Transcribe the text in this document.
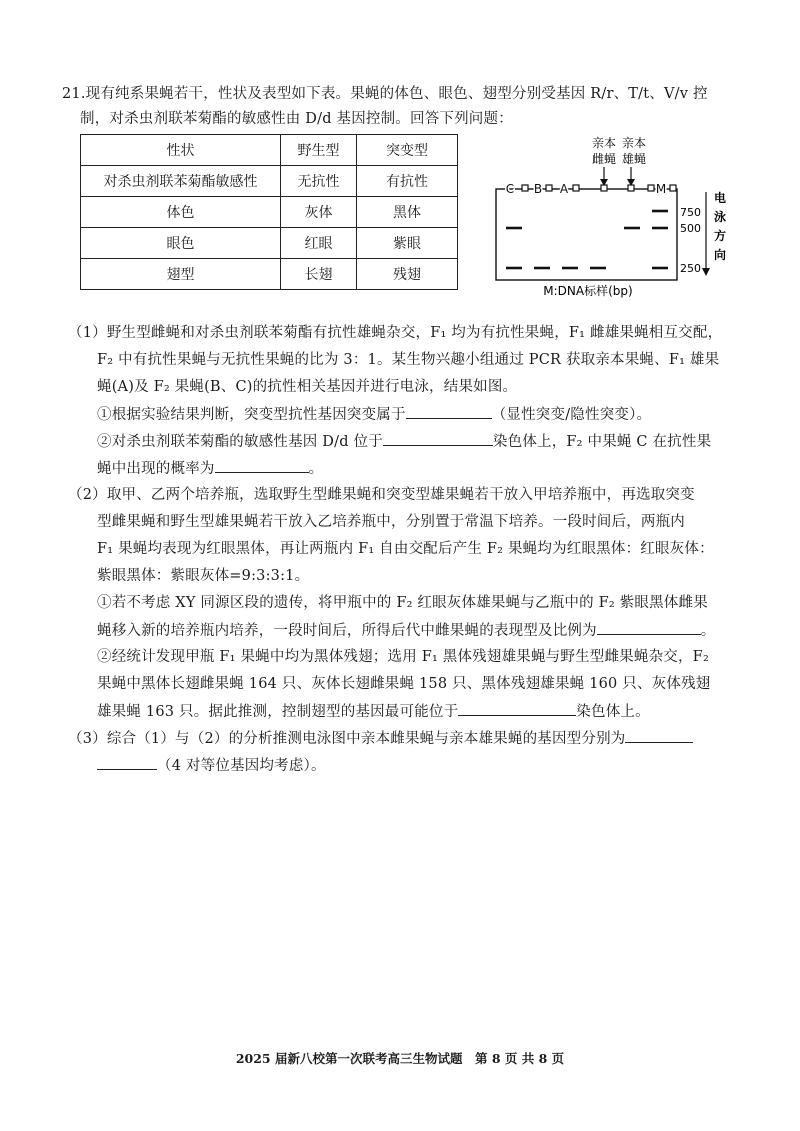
21.现有纯系果蝇若干，性状及表型如下表。果蝇的体色、眼色、翅型分别受基因 R/r、T/t、V/v 控
制，对杀虫剂联苯菊酯的敏感性由 D/d 基因控制。回答下列问题：
性状	野生型	突变型
对杀虫剂联苯菊酯敏感性	无抗性	有抗性
体色	灰体	黑体
眼色	红眼	紫眼
翅型	长翅	残翅
亲本
雌蝇
亲本
雄蝇
C B A	M
750
500
250
电
泳
方
向
M:DNA标样(bp)
（1）野生型雌蝇和对杀虫剂联苯菊酯有抗性雄蝇杂交，F₁ 均为有抗性果蝇，F₁ 雌雄果蝇相互交配，
F₂ 中有抗性果蝇与无抗性果蝇的比为 3：1。某生物兴趣小组通过 PCR 获取亲本果蝇、F₁ 雄果
蝇(A)及 F₂ 果蝇(B、C)的抗性相关基因并进行电泳，结果如图。
①根据实验结果判断，突变型抗性基因突变属于	（显性突变/隐性突变）。
②对杀虫剂联苯菊酯的敏感性基因 D/d 位于	染色体上，F₂ 中果蝇 C 在抗性果
蝇中出现的概率为	。
（2）取甲、乙两个培养瓶，选取野生型雌果蝇和突变型雄果蝇若干放入甲培养瓶中，再选取突变
型雌果蝇和野生型雄果蝇若干放入乙培养瓶中，分别置于常温下培养。一段时间后，两瓶内
F₁ 果蝇均表现为红眼黑体，再让两瓶内 F₁ 自由交配后产生 F₂ 果蝇均为红眼黑体：红眼灰体：
紫眼黑体：紫眼灰体=9:3:3:1。
①若不考虑 XY 同源区段的遗传，将甲瓶中的 F₂ 红眼灰体雄果蝇与乙瓶中的 F₂ 紫眼黑体雌果
蝇移入新的培养瓶内培养，一段时间后，所得后代中雌果蝇的表现型及比例为	。
②经统计发现甲瓶 F₁ 果蝇中均为黑体残翅；选用 F₁ 黑体残翅雄果蝇与野生型雌果蝇杂交，F₂
果蝇中黑体长翅雌果蝇 164 只、灰体长翅雌果蝇 158 只、黑体残翅雄果蝇 160 只、灰体残翅
雄果蝇 163 只。据此推测，控制翅型的基因最可能位于	染色体上。
（3）综合（1）与（2）的分析推测电泳图中亲本雌果蝇与亲本雄果蝇的基因型分别为
（4 对等位基因均考虑）。
2025 届新八校第一次联考高三生物试题　第 8 页 共 8 页
